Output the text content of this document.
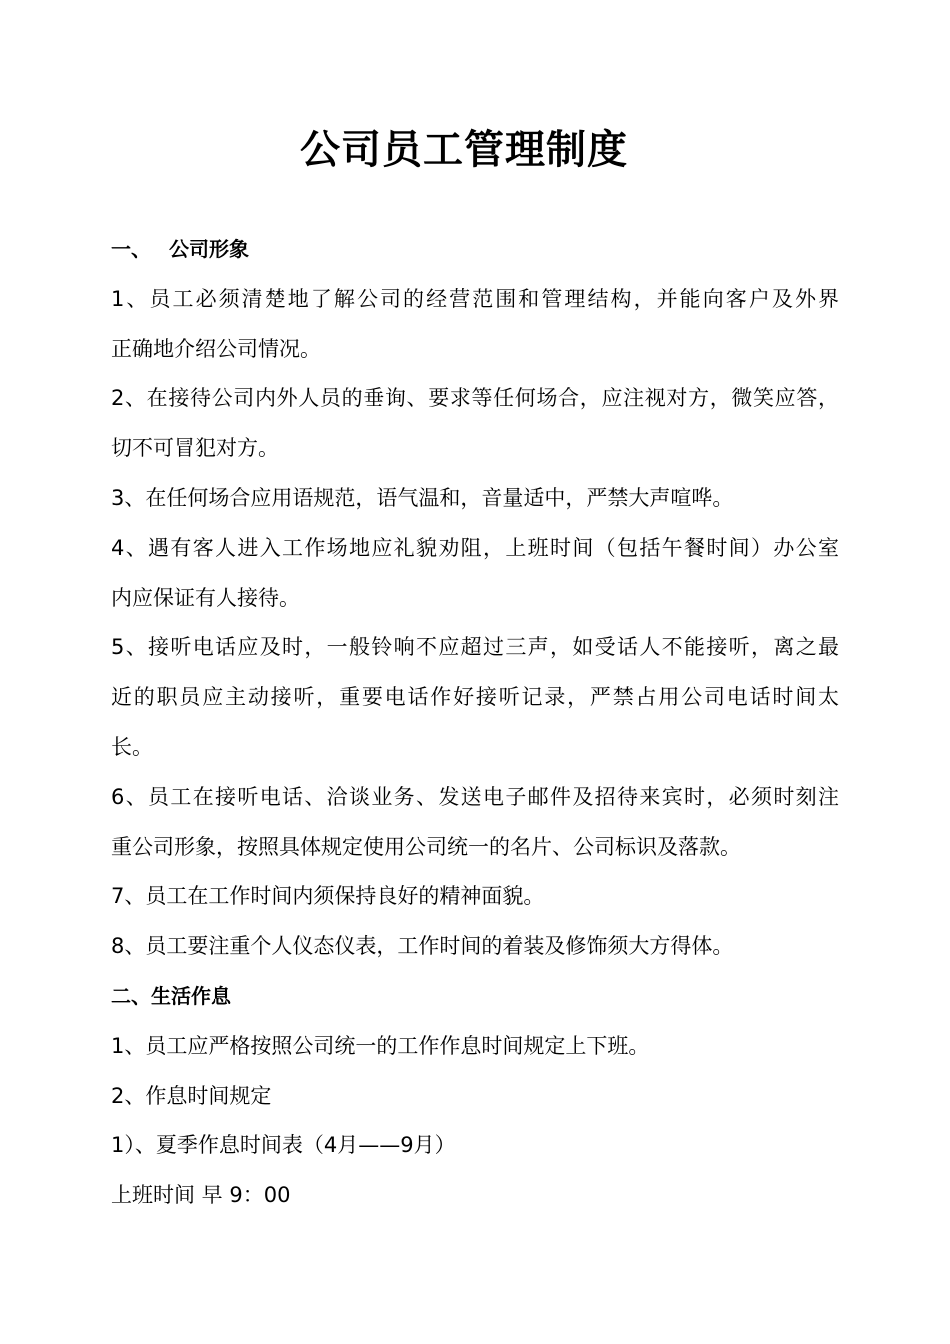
公司员工管理制度
一、 公司形象
1、员工必须清楚地了解公司的经营范围和管理结构，并能向客户及外界
正确地介绍公司情况。
2、在接待公司内外人员的垂询、要求等任何场合，应注视对方，微笑应答，
切不可冒犯对方。
3、在任何场合应用语规范，语气温和，音量适中，严禁大声喧哗。
4、遇有客人进入工作场地应礼貌劝阻，上班时间（包括午餐时间）办公室
内应保证有人接待。
5、接听电话应及时，一般铃响不应超过三声，如受话人不能接听，离之最
近的职员应主动接听，重要电话作好接听记录，严禁占用公司电话时间太
长。
6、员工在接听电话、洽谈业务、发送电子邮件及招待来宾时，必须时刻注
重公司形象，按照具体规定使用公司统一的名片、公司标识及落款。
7、员工在工作时间内须保持良好的精神面貌。
8、员工要注重个人仪态仪表，工作时间的着装及修饰须大方得体。
二、生活作息
1、员工应严格按照公司统一的工作作息时间规定上下班。
2、作息时间规定
1）、夏季作息时间表（4月——9月）
上班时间 早 9：00
